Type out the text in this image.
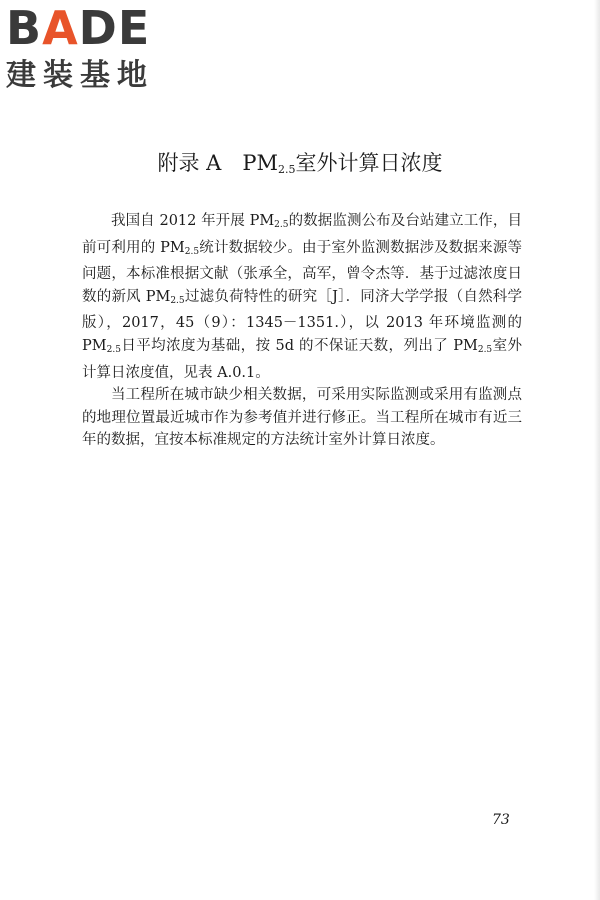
BADE
建装基地
附录 A　$PM_{2.5}$室外计算日浓度

我国自 2012 年开展 $PM_{2.5}$的数据监测公布及台站建立工作，目前可利用的 $PM_{2.5}$统计数据较少。由于室外监测数据涉及数据来源等问题，本标准根据文献（张承全，高军，曾令杰等．基于过滤浓度日数的新风 $PM_{2.5}$过滤负荷特性的研究［J］．同济大学学报（自然科学版），2017，45（9）：1345－1351.），以 2013 年环境监测的 $PM_{2.5}$日平均浓度为基础，按 5d 的不保证天数，列出了 $PM_{2.5}$室外计算日浓度值，见表 A.0.1。

当工程所在城市缺少相关数据，可采用实际监测或采用有监测点的地理位置最近城市作为参考值并进行修正。当工程所在城市有近三年的数据，宜按本标准规定的方法统计室外计算日浓度。

73
